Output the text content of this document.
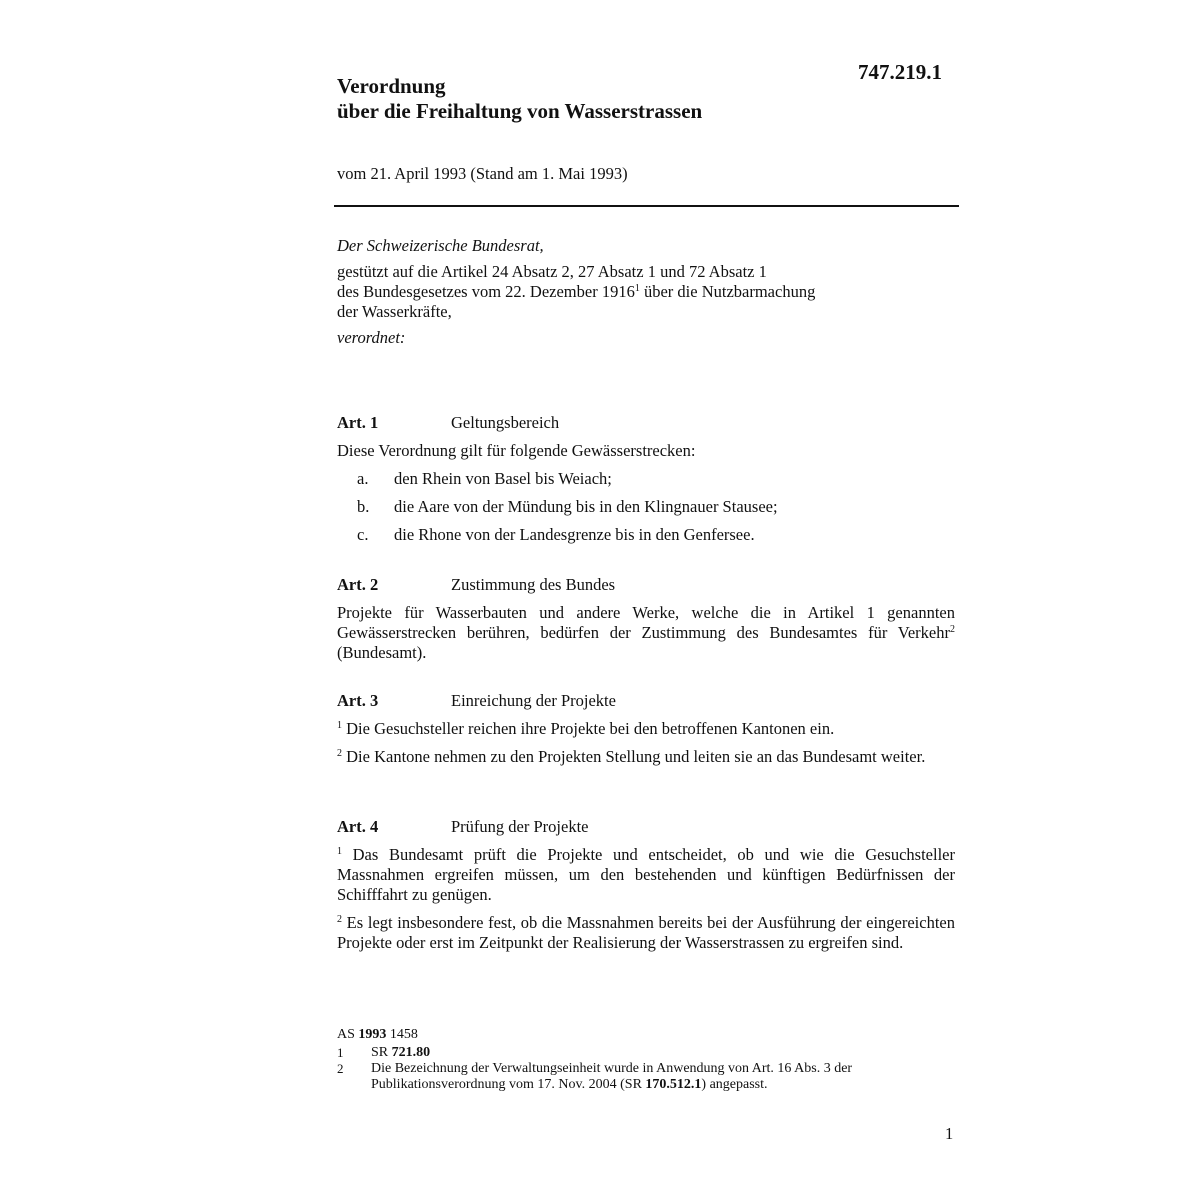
747.219.1
Verordnung
über die Freihaltung von Wasserstrassen
vom 21. April 1993 (Stand am 1. Mai 1993)
Der Schweizerische Bundesrat,
gestützt auf die Artikel 24 Absatz 2, 27 Absatz 1 und 72 Absatz 1
des Bundesgesetzes vom 22. Dezember 1916$^1$ über die Nutzbarmachung
der Wasserkräfte,
verordnet:
Art. 1	Geltungsbereich
Diese Verordnung gilt für folgende Gewässerstrecken:
a.	den Rhein von Basel bis Weiach;
b.	die Aare von der Mündung bis in den Klingnauer Stausee;
c.	die Rhone von der Landesgrenze bis in den Genfersee.
Art. 2	Zustimmung des Bundes
Projekte für Wasserbauten und andere Werke, welche die in Artikel 1 genannten Gewässerstrecken berühren, bedürfen der Zustimmung des Bundesamtes für Verkehr$^2$ (Bundesamt).
Art. 3	Einreichung der Projekte
$^1$ Die Gesuchsteller reichen ihre Projekte bei den betroffenen Kantonen ein.
$^2$ Die Kantone nehmen zu den Projekten Stellung und leiten sie an das Bundesamt weiter.
Art. 4	Prüfung der Projekte
$^1$ Das Bundesamt prüft die Projekte und entscheidet, ob und wie die Gesuchsteller Massnahmen ergreifen müssen, um den bestehenden und künftigen Bedürfnissen der Schifffahrt zu genügen.
$^2$ Es legt insbesondere fest, ob die Massnahmen bereits bei der Ausführung der eingereichten Projekte oder erst im Zeitpunkt der Realisierung der Wasserstrassen zu ergreifen sind.
AS 1993 1458
1	SR 721.80
2	Die Bezeichnung der Verwaltungseinheit wurde in Anwendung von Art. 16 Abs. 3 der Publikationsverordnung vom 17. Nov. 2004 (SR 170.512.1) angepasst.
1
